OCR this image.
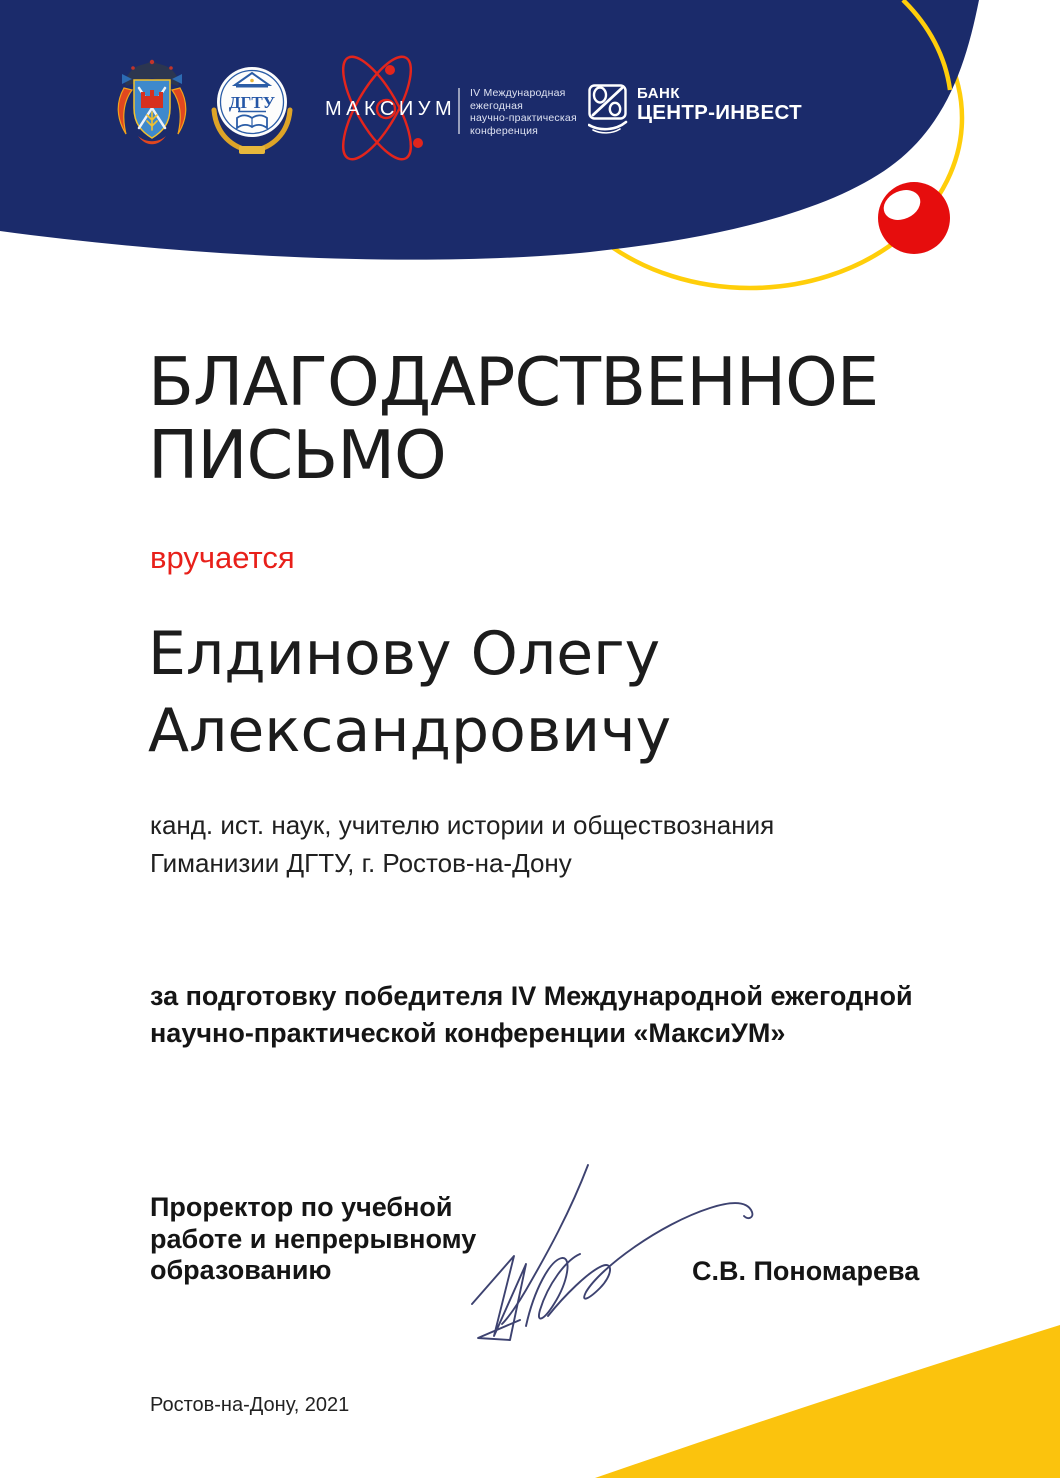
ДГТУ МАКСИУМ
IV Международная
ежегодная
научно-практическая
конференция
БАНК
ЦЕНТР-ИНВЕСТ
БЛАГОДАРСТВЕННОЕ
ПИСЬМО
вручается
Елдинову Олегу
Александровичу
канд. ист. наук, учителю истории и обществознания
Гиманизии ДГТУ, г. Ростов-на-Дону
за подготовку победителя IV Международной ежегодной
научно-практической конференции «МаксиУМ»
Проректор по учебной
работе и непрерывному
образованию	С.В. Пономарева
Ростов-на-Дону, 2021
